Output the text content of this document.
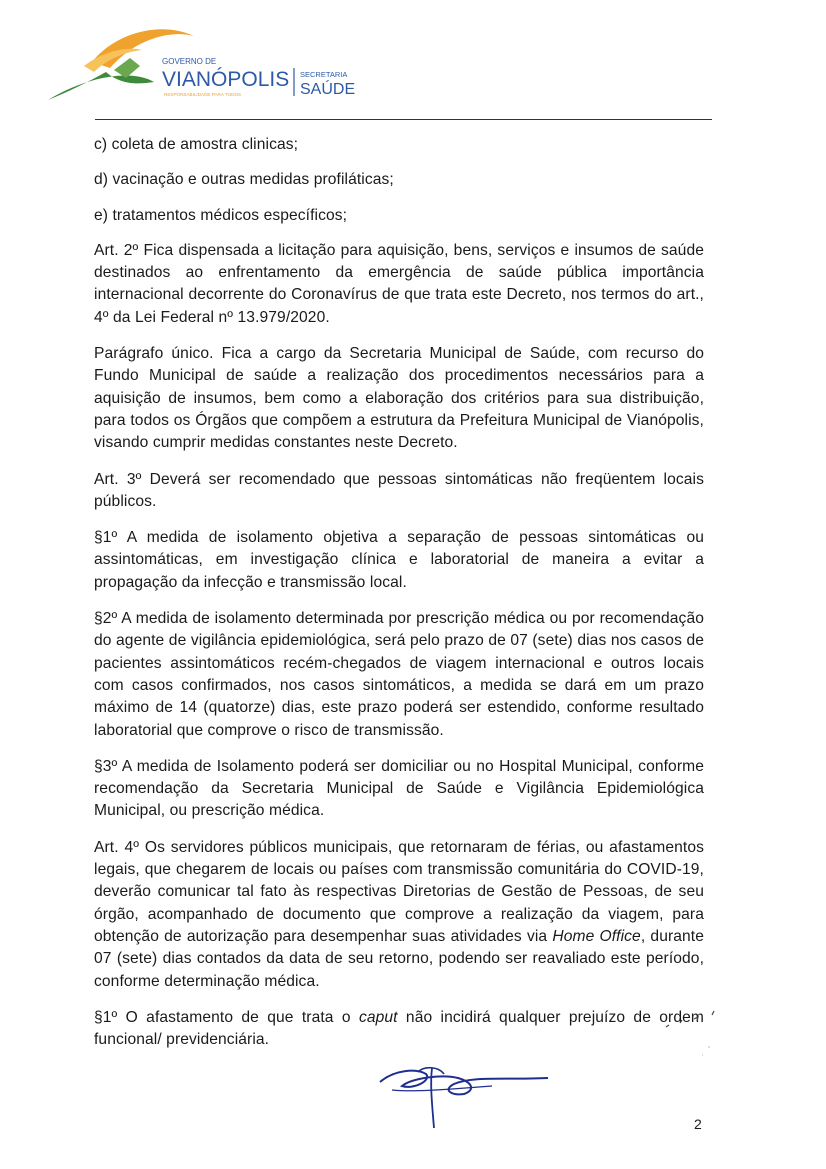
GOVERNO DE
VIANÓPOLIS
RESPONSABILIDADE PARA TODOS
SECRETARIA
SAÚDE

c) coleta de amostra clinicas;

d) vacinação e outras medidas profiláticas;

e) tratamentos médicos específicos;

Art. 2º Fica dispensada a licitação para aquisição, bens, serviços e insumos de saúde destinados ao enfrentamento da emergência de saúde pública importância internacional decorrente do Coronavírus de que trata este Decreto, nos termos do art., 4º da Lei Federal nº 13.979/2020.

Parágrafo único. Fica a cargo da Secretaria Municipal de Saúde, com recurso do Fundo Municipal de saúde a realização dos procedimentos necessários para a aquisição de insumos, bem como a elaboração dos critérios para sua distribuição, para todos os Órgãos que compõem a estrutura da Prefeitura Municipal de Vianópolis, visando cumprir medidas constantes neste Decreto.

Art. 3º Deverá ser recomendado que pessoas sintomáticas não freqüentem locais públicos.

§1º A medida de isolamento objetiva a separação de pessoas sintomáticas ou assintomáticas, em investigação clínica e laboratorial de maneira a evitar a propagação da infecção e transmissão local.

§2º A medida de isolamento determinada por prescrição médica ou por recomendação do agente de vigilância epidemiológica, será pelo prazo de 07 (sete) dias nos casos de pacientes assintomáticos recém-chegados de viagem internacional e outros locais com casos confirmados, nos casos sintomáticos, a medida se dará em um prazo máximo de 14 (quatorze) dias, este prazo poderá ser estendido, conforme resultado laboratorial que comprove o risco de transmissão.

§3º A medida de Isolamento poderá ser domiciliar ou no Hospital Municipal, conforme recomendação da Secretaria Municipal de Saúde e Vigilância Epidemiológica Municipal, ou prescrição médica.

Art. 4º Os servidores públicos municipais, que retornaram de férias, ou afastamentos legais, que chegarem de locais ou países com transmissão comunitária do COVID-19, deverão comunicar tal fato às respectivas Diretorias de Gestão de Pessoas, de seu órgão, acompanhado de documento que comprove a realização da viagem, para obtenção de autorização para desempenhar suas atividades via Home Office, durante 07 (sete) dias contados da data de seu retorno, podendo ser reavaliado este período, conforme determinação médica.

§1º O afastamento de que trata o caput não incidirá qualquer prejuízo de ordem funcional/ previdenciária.

2
